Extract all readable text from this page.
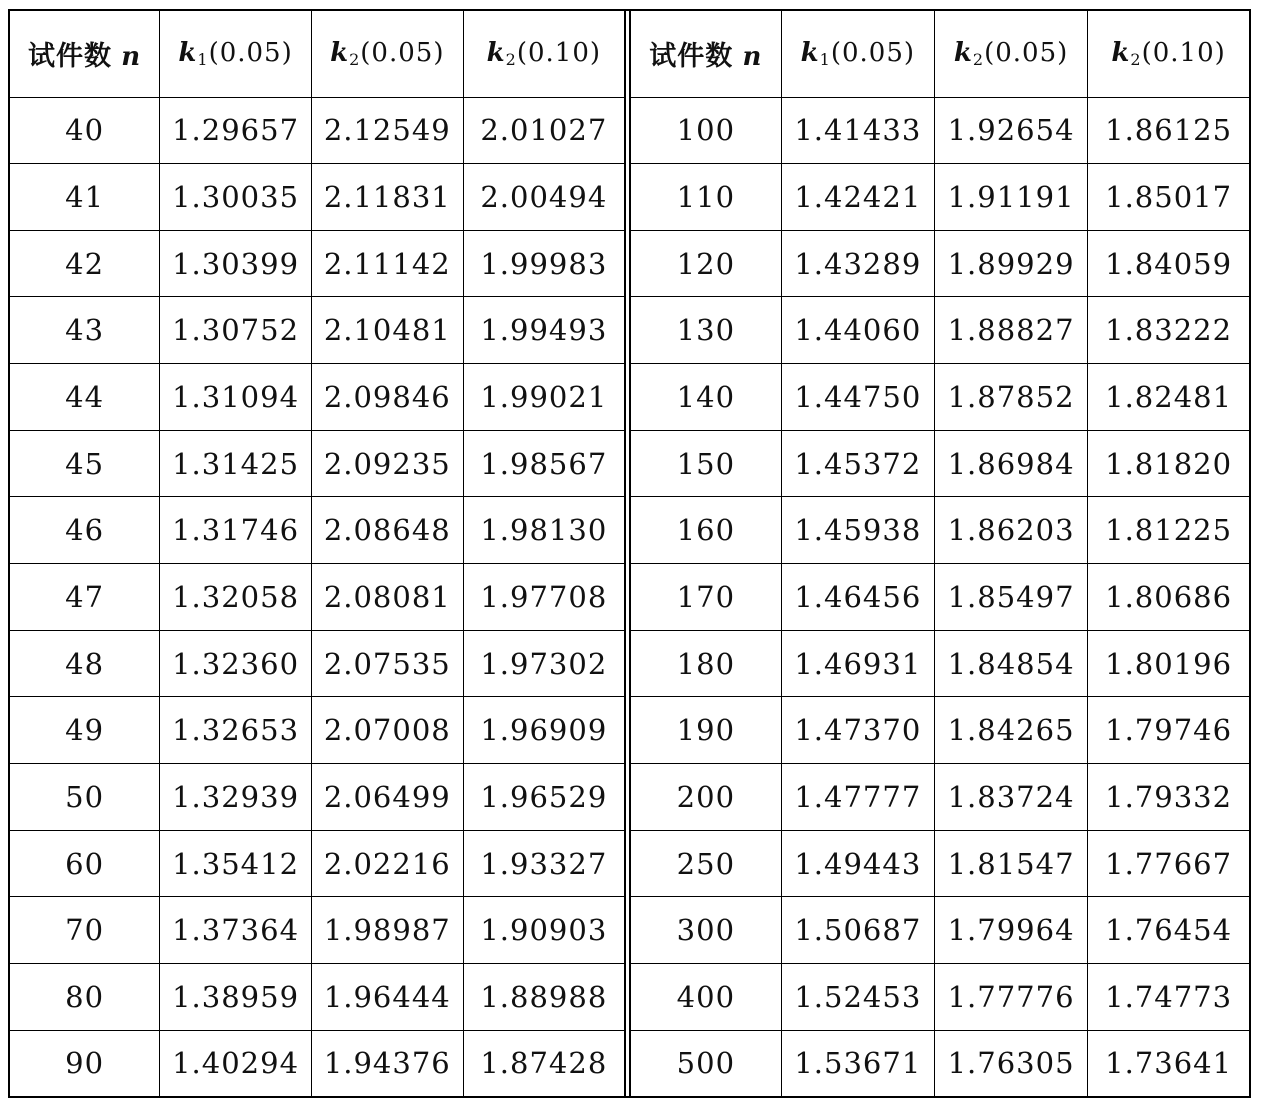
试件数 n	$k_1(0.05)$	$k_2(0.05)$	$k_2(0.10)$
40	1.29657	2.12549	2.01027
41	1.30035	2.11831	2.00494
42	1.30399	2.11142	1.99983
43	1.30752	2.10481	1.99493
44	1.31094	2.09846	1.99021
45	1.31425	2.09235	1.98567
46	1.31746	2.08648	1.98130
47	1.32058	2.08081	1.97708
48	1.32360	2.07535	1.97302
49	1.32653	2.07008	1.96909
50	1.32939	2.06499	1.96529
60	1.35412	2.02216	1.93327
70	1.37364	1.98987	1.90903
80	1.38959	1.96444	1.88988
90	1.40294	1.94376	1.87428
试件数 n	$k_1(0.05)$	$k_2(0.05)$	$k_2(0.10)$
100	1.41433	1.92654	1.86125
110	1.42421	1.91191	1.85017
120	1.43289	1.89929	1.84059
130	1.44060	1.88827	1.83222
140	1.44750	1.87852	1.82481
150	1.45372	1.86984	1.81820
160	1.45938	1.86203	1.81225
170	1.46456	1.85497	1.80686
180	1.46931	1.84854	1.80196
190	1.47370	1.84265	1.79746
200	1.47777	1.83724	1.79332
250	1.49443	1.81547	1.77667
300	1.50687	1.79964	1.76454
400	1.52453	1.77776	1.74773
500	1.53671	1.76305	1.73641
